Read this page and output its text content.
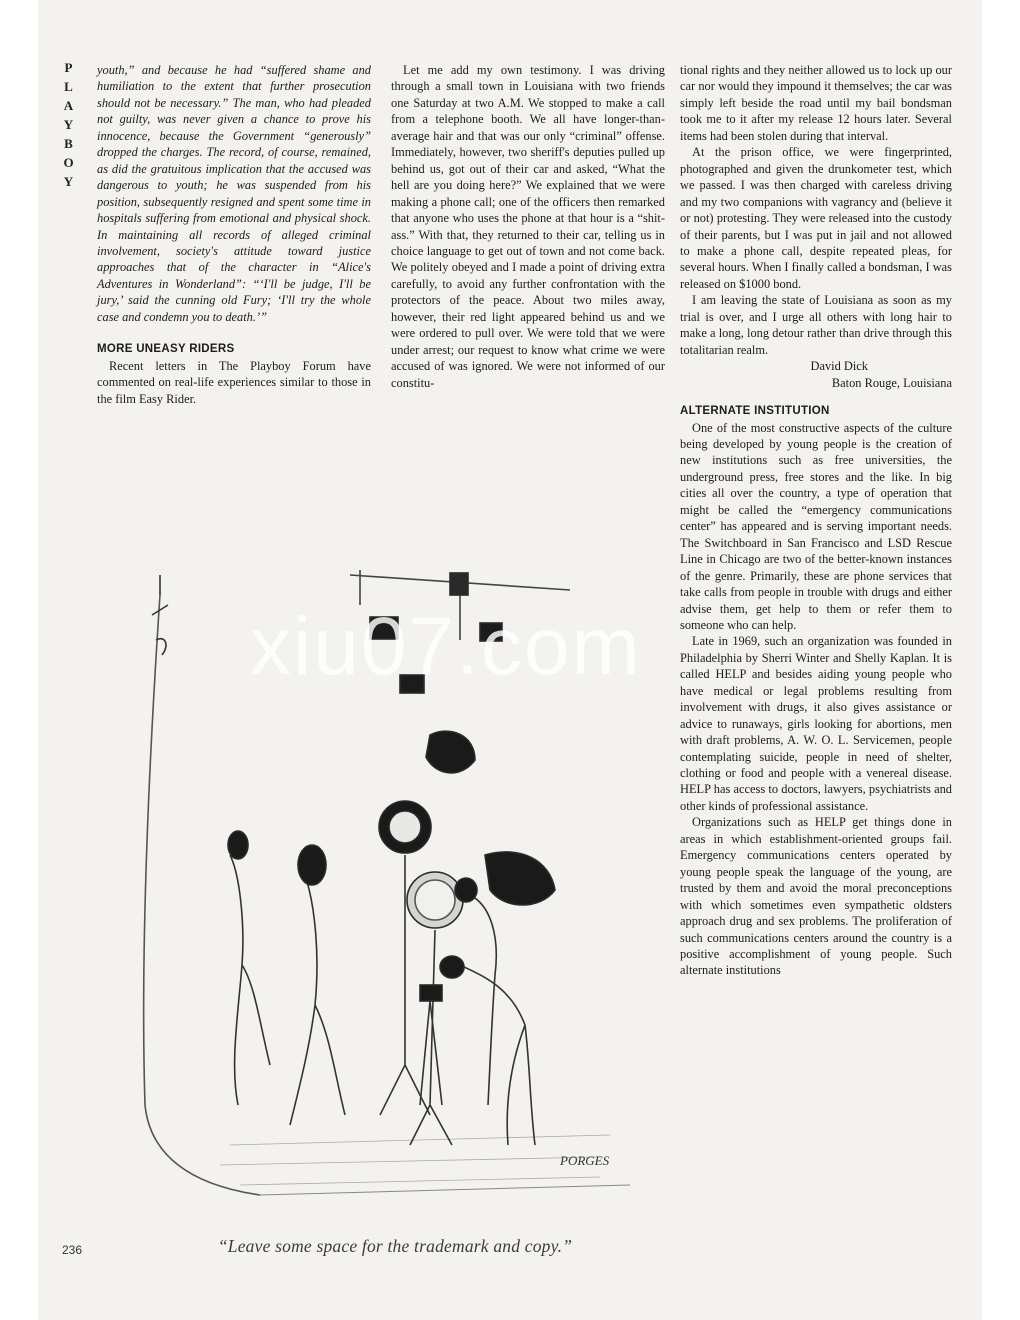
P
L
A
Y
B
O
Y

youth,” and because he had “suffered shame and humiliation to the extent that further prosecution should not be necessary.” The man, who had pleaded not guilty, was never given a chance to prove his innocence, because the Government “generously” dropped the charges. The record, of course, remained, as did the gratuitous implication that the accused was dangerous to youth; he was suspended from his position, subsequently resigned and spent some time in hospitals suffering from emotional and physical shock. In maintaining all records of alleged criminal involvement, society's attitude toward justice approaches that of the character in “Alice's Adventures in Wonderland”: “‘I'll be judge, I'll be jury,’ said the cunning old Fury; ‘I'll try the whole case and condemn you to death.’”

MORE UNEASY RIDERS

Recent letters in The Playboy Forum have commented on real-life experiences similar to those in the film Easy Rider.

Let me add my own testimony. I was driving through a small town in Louisiana with two friends one Saturday at two A.M. We stopped to make a call from a telephone booth. We all have longer-than-average hair and that was our only “criminal” offense. Immediately, however, two sheriff's deputies pulled up behind us, got out of their car and asked, “What the hell are you doing here?” We explained that we were making a phone call; one of the officers then remarked that anyone who uses the phone at that hour is a “shit-ass.” With that, they returned to their car, telling us in choice language to get out of town and not come back. We politely obeyed and I made a point of driving extra carefully, to avoid any further confrontation with the protectors of the peace. About two miles away, however, their red light appeared behind us and we were ordered to pull over. We were told that we were under arrest; our request to know what crime we were accused of was ignored. We were not informed of our constitu-

tional rights and they neither allowed us to lock up our car nor would they impound it themselves; the car was simply left beside the road until my bail bondsman took me to it after my release 12 hours later. Several items had been stolen during that interval.

At the prison office, we were fingerprinted, photographed and given the drunkometer test, which we passed. I was then charged with careless driving and my two companions with vagrancy and (believe it or not) protesting. They were released into the custody of their parents, but I was put in jail and not allowed to make a phone call, despite repeated pleas, for several hours. When I finally called a bondsman, I was released on $1000 bond.

I am leaving the state of Louisiana as soon as my trial is over, and I urge all others with long hair to make a long, long detour rather than drive through this totalitarian realm.

David Dick

Baton Rouge, Louisiana

ALTERNATE INSTITUTION

One of the most constructive aspects of the culture being developed by young people is the creation of new institutions such as free universities, the underground press, free stores and the like. In big cities all over the country, a type of operation that might be called the “emergency communications center” has appeared and is serving important needs. The Switchboard in San Francisco and LSD Rescue Line in Chicago are two of the better-known instances of the genre. Primarily, these are phone services that take calls from people in trouble with drugs and either advise them, get help to them or refer them to someone who can help.

Late in 1969, such an organization was founded in Philadelphia by Sherri Winter and Shelly Kaplan. It is called HELP and besides aiding young people who have medical or legal problems resulting from involvement with drugs, it also gives assistance or advice to runaways, girls looking for abortions, men with draft problems, A. W. O. L. Servicemen, people contemplating suicide, people in need of shelter, clothing or food and people with a venereal disease. HELP has access to doctors, lawyers, psychiatrists and other kinds of professional assistance.

Organizations such as HELP get things done in areas in which establishment-oriented groups fail. Emergency communications centers operated by young people speak the language of the young, are trusted by them and avoid the moral preconceptions with which sometimes even sympathetic oldsters approach drug and sex problems. The proliferation of such communications centers around the country is a positive accomplishment of young people. Such alternate institutions

PORGES
xiu07.com
“Leave some space for the trademark and copy.”
236
